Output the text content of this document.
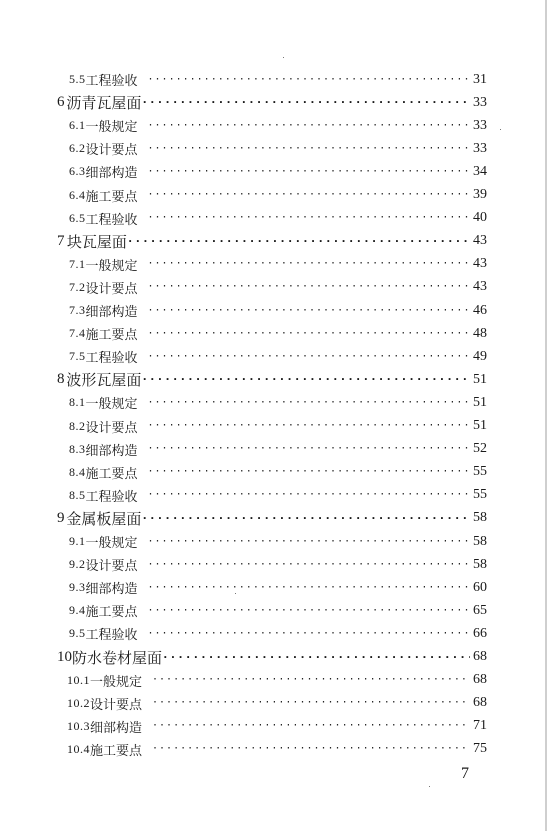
5.5 工程验收 ·····	31
6 沥青瓦屋面 ·····	33
6.1 一般规定 ·····	33
6.2 设计要点 ·····	33
6.3 细部构造 ·····	34
6.4 施工要点 ·····	39
6.5 工程验收 ·····	40
7 块瓦屋面 ·····	43
7.1 一般规定 ·····	43
7.2 设计要点 ·····	43
7.3 细部构造 ·····	46
7.4 施工要点 ·····	48
7.5 工程验收 ·····	49
8 波形瓦屋面 ·····	51
8.1 一般规定 ·····	51
8.2 设计要点 ·····	51
8.3 细部构造 ·····	52
8.4 施工要点 ·····	55
8.5 工程验收 ·····	55
9 金属板屋面 ·····	58
9.1 一般规定 ·····	58
9.2 设计要点 ·····	58
9.3 细部构造 ·····	60
9.4 施工要点 ·····	65
9.5 工程验收 ·····	66
10 防水卷材屋面 ·····	68
10.1 一般规定 ·····	68
10.2 设计要点 ·····	68
10.3 细部构造 ·····	71
10.4 施工要点 ·····	75
7
